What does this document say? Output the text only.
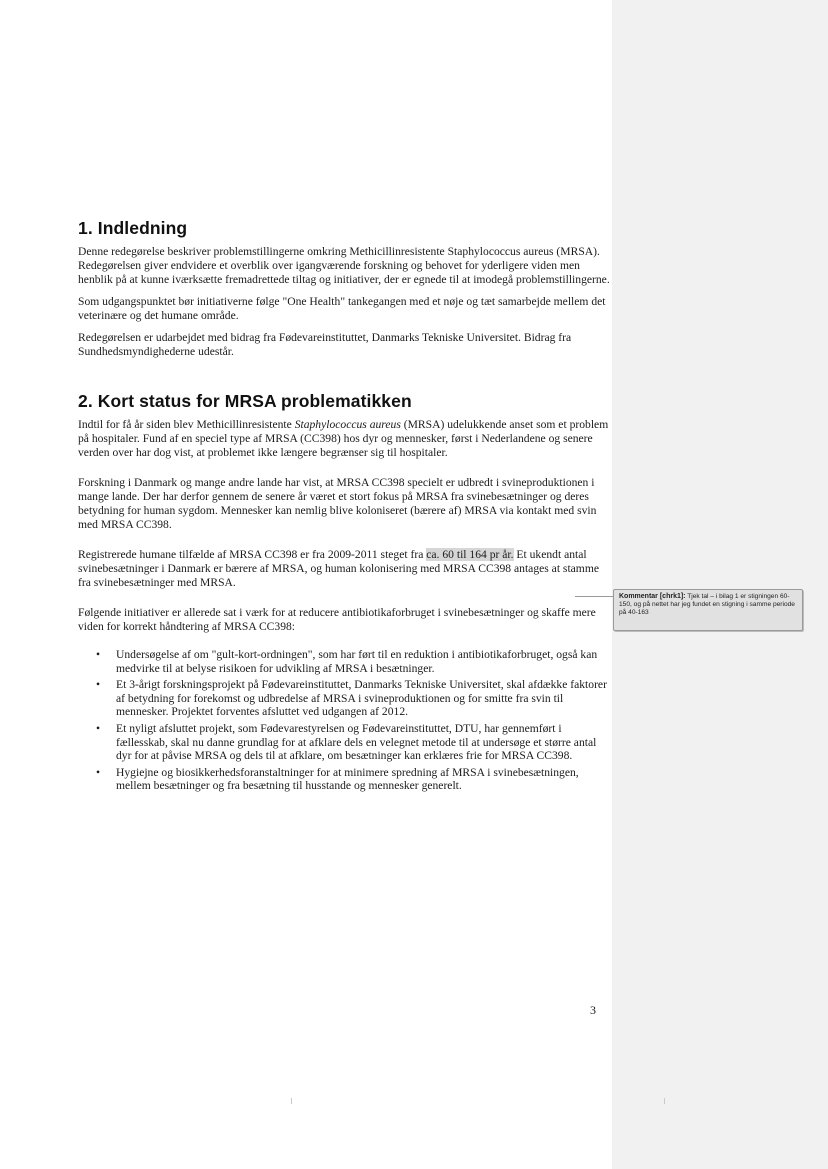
1. Indledning

Denne redegørelse beskriver problemstillingerne omkring Methicillinresistente Staphylococcus aureus (MRSA). Redegørelsen giver endvidere et overblik over igangværende forskning og behovet for yderligere viden men henblik på at kunne iværksætte fremadrettede tiltag og initiativer, der er egnede til at imodegå problemstillingerne.

Som udgangspunktet bør initiativerne følge "One Health" tankegangen med et nøje og tæt samarbejde mellem det veterinære og det humane område.

Redegørelsen er udarbejdet med bidrag fra Fødevareinstituttet, Danmarks Tekniske Universitet. Bidrag fra Sundhedsmyndighederne udestår.

2. Kort status for MRSA problematikken

Indtil for få år siden blev Methicillinresistente Staphylococcus aureus (MRSA) udelukkende anset som et problem på hospitaler. Fund af en speciel type af MRSA (CC398) hos dyr og mennesker, først i Nederlandene og senere verden over har dog vist, at problemet ikke længere begrænser sig til hospitaler.

Forskning i Danmark og mange andre lande har vist, at MRSA CC398 specielt er udbredt i svineproduktionen i mange lande. Der har derfor gennem de senere år været et stort fokus på MRSA fra svinebesætninger og deres betydning for human sygdom. Mennesker kan nemlig blive koloniseret (bærere af) MRSA via kontakt med svin med MRSA CC398.

Registrerede humane tilfælde af MRSA CC398 er fra 2009-2011 steget fra ca. 60 til 164 pr år. Et ukendt antal svinebesætninger i Danmark er bærere af MRSA, og human kolonisering med MRSA CC398 antages at stamme fra svinebesætninger med MRSA.

Følgende initiativer er allerede sat i værk for at reducere antibiotikaforbruget i svinebesætninger og skaffe mere viden for korrekt håndtering af MRSA CC398:

• Undersøgelse af om "gult-kort-ordningen", som har ført til en reduktion i antibiotikaforbruget, også kan medvirke til at belyse risikoen for udvikling af MRSA i besætninger.
• Et 3-årigt forskningsprojekt på Fødevareinstituttet, Danmarks Tekniske Universitet, skal afdække faktorer af betydning for forekomst og udbredelse af MRSA i svineproduktionen og for smitte fra svin til mennesker. Projektet forventes afsluttet ved udgangen af 2012.
• Et nyligt afsluttet projekt, som Fødevarestyrelsen og Fødevareinstituttet, DTU, har gennemført i fællesskab, skal nu danne grundlag for at afklare dels en velegnet metode til at undersøge et større antal dyr for at påvise MRSA og dels til at afklare, om besætninger kan erklæres frie for MRSA CC398.
• Hygiejne og biosikkerhedsforanstaltninger for at minimere spredning af MRSA i svinebesætningen, mellem besætninger og fra besætning til husstande og mennesker generelt.
Kommentar [chrk1]: Tjek tal – i bilag 1 er stigningen 60-150, og på nettet har jeg fundet en stigning i samme periode på 40-163
3
